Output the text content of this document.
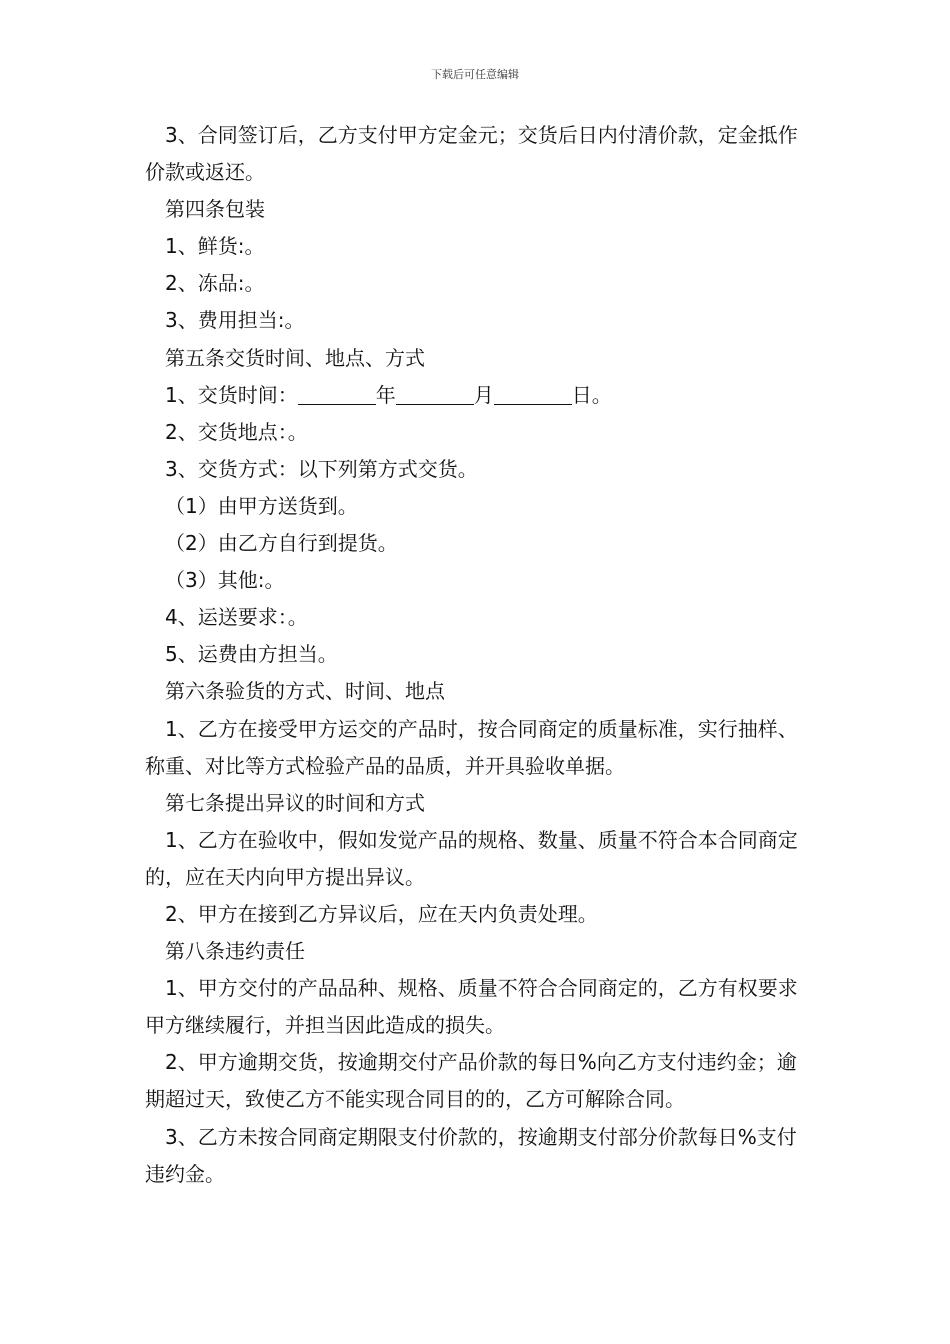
下载后可任意编辑

3、合同签订后，乙方支付甲方定金元；交货后日内付清价款，定金抵作价款或返还。

第四条包装

1、鲜货:。

2、冻品:。

3、费用担当:。

第五条交货时间、地点、方式

1、交货时间：	年	月	日。

2、交货地点：。

3、交货方式：以下列第方式交货。

（1）由甲方送货到。

（2）由乙方自行到提货。

（3）其他:。

4、运送要求：。

5、运费由方担当。

第六条验货的方式、时间、地点

1、乙方在接受甲方运交的产品时，按合同商定的质量标准，实行抽样、称重、对比等方式检验产品的品质，并开具验收单据。

第七条提出异议的时间和方式

1、乙方在验收中，假如发觉产品的规格、数量、质量不符合本合同商定的，应在天内向甲方提出异议。

2、甲方在接到乙方异议后，应在天内负责处理。

第八条违约责任

1、甲方交付的产品品种、规格、质量不符合合同商定的，乙方有权要求甲方继续履行，并担当因此造成的损失。

2、甲方逾期交货，按逾期交付产品价款的每日%向乙方支付违约金；逾期超过天，致使乙方不能实现合同目的的，乙方可解除合同。

3、乙方未按合同商定期限支付价款的，按逾期支付部分价款每日%支付违约金。
